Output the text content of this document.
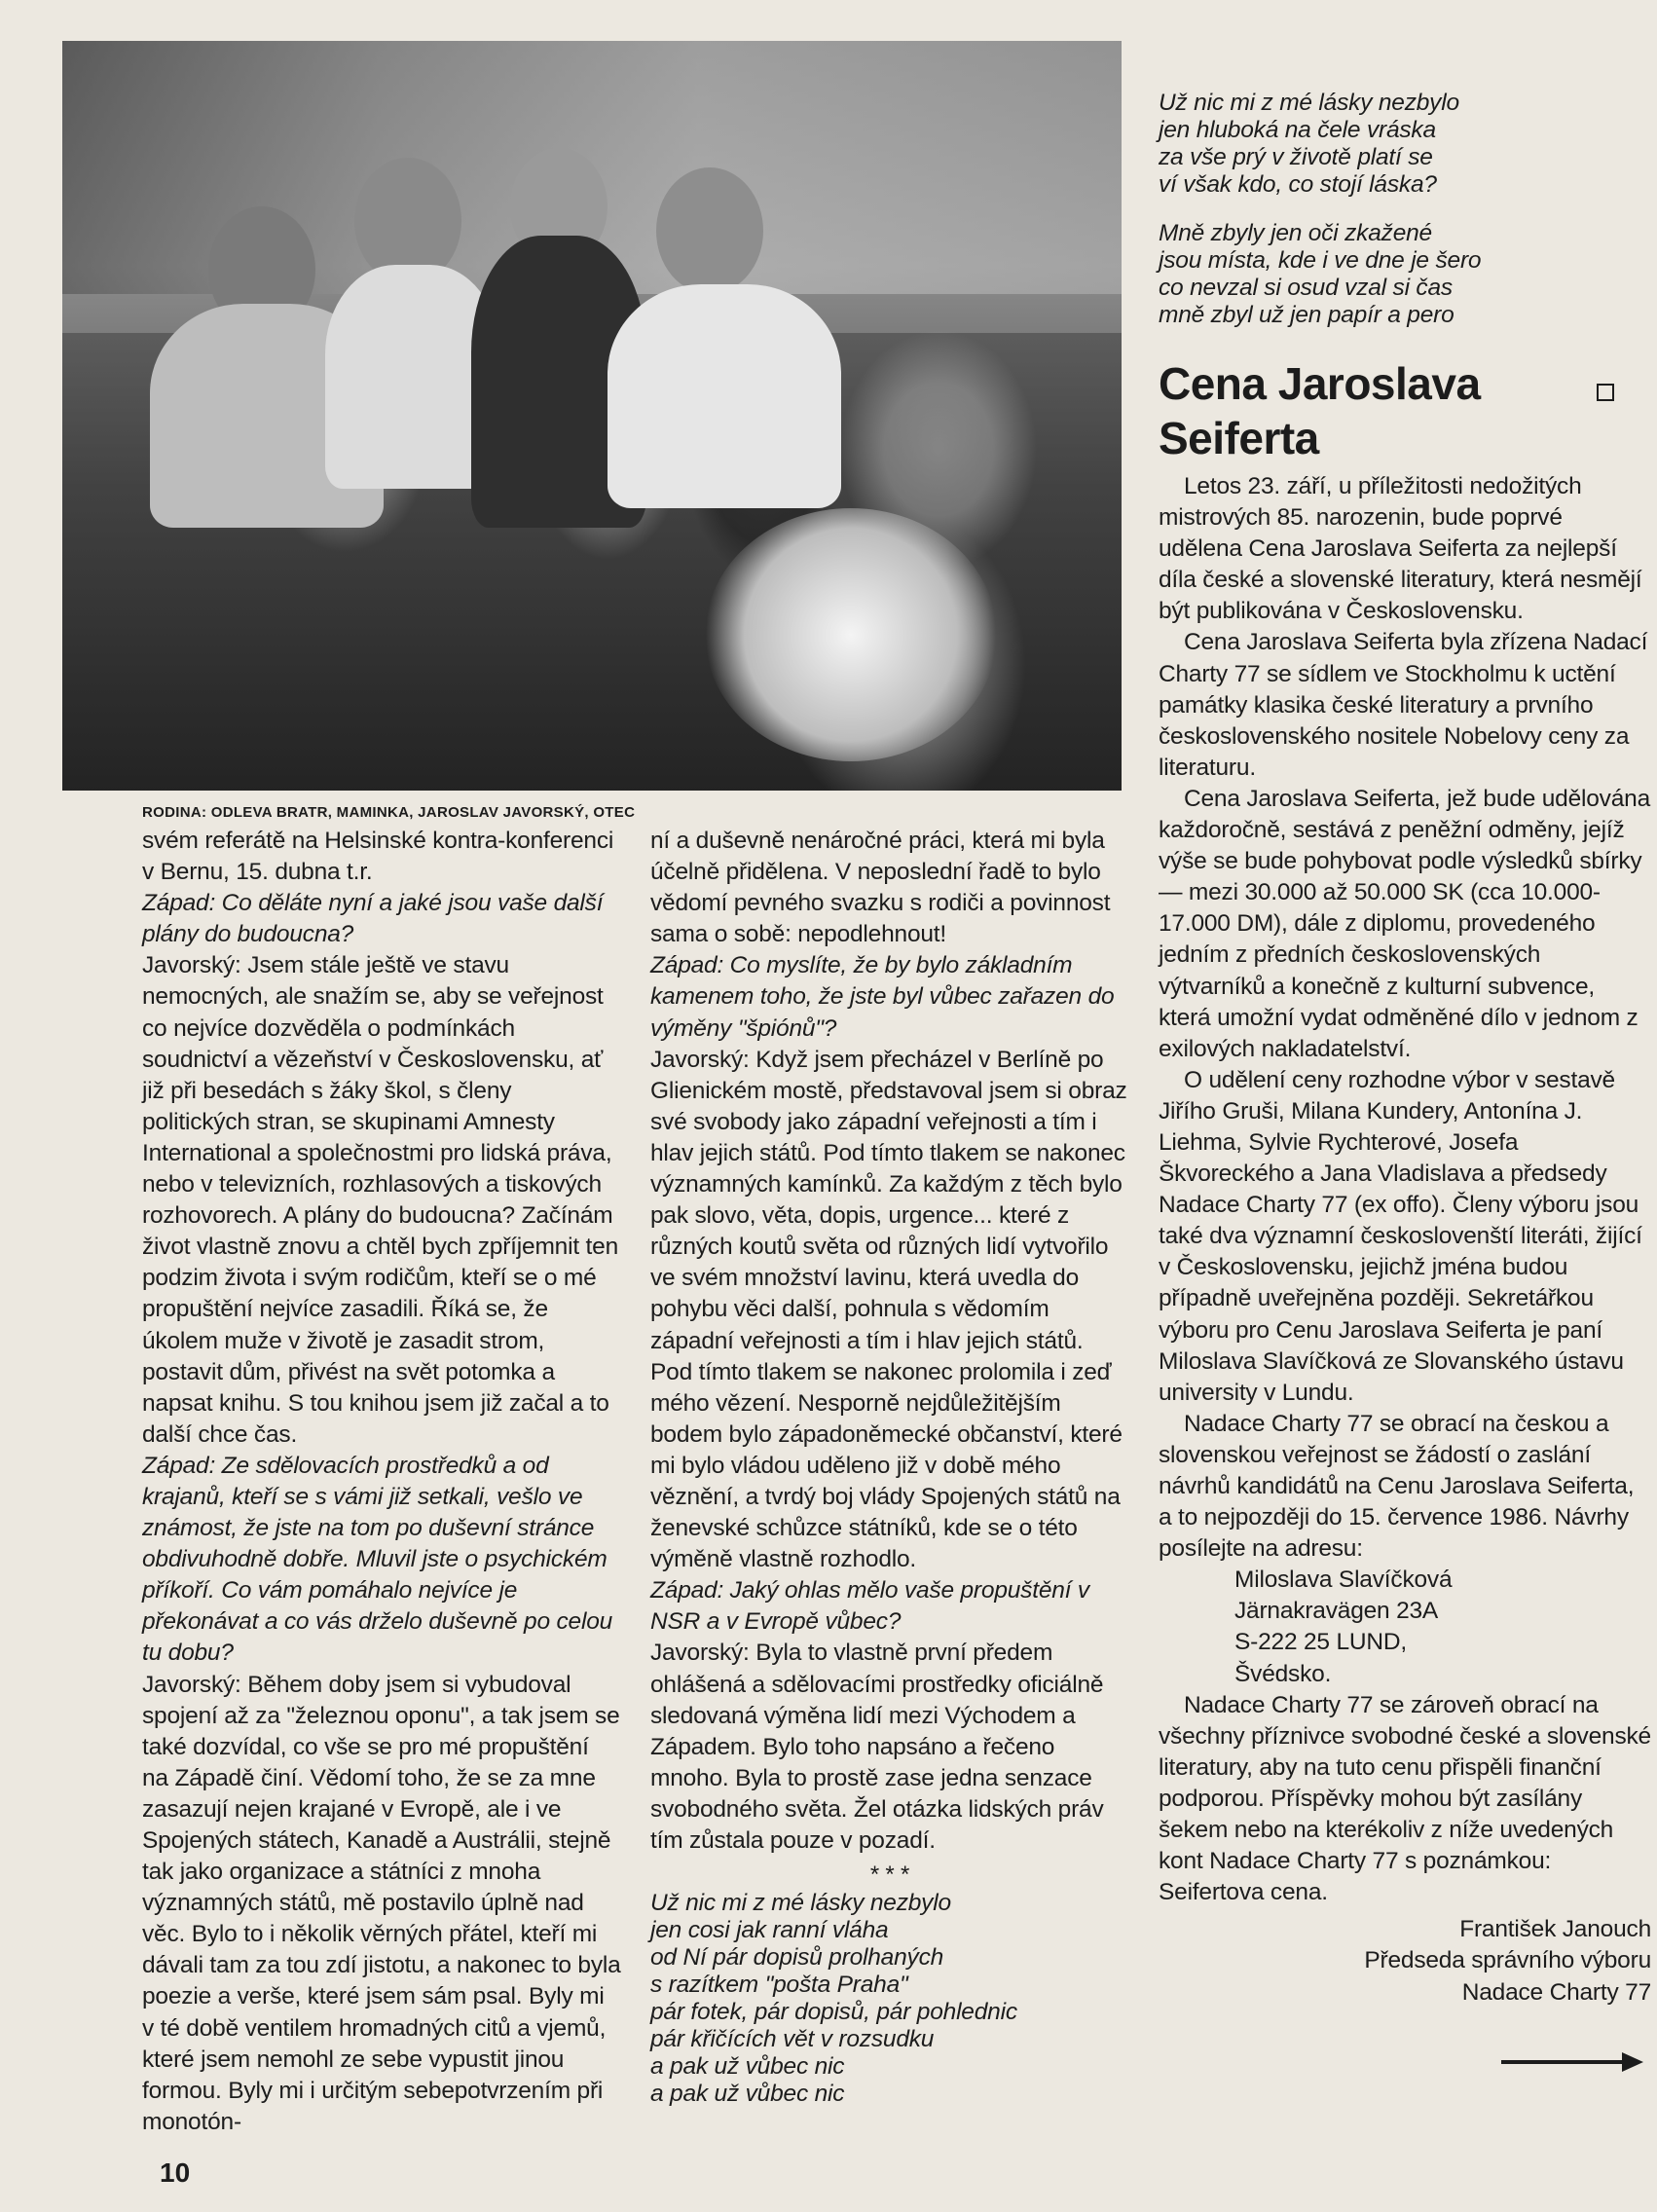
RODINA: ODLEVA BRATR, MAMINKA, JAROSLAV JAVORSKÝ, OTEC

svém referátě na Helsinské kontra-konferenci v Bernu, 15. dubna t.r.

Západ: Co děláte nyní a jaké jsou vaše další plány do budoucna?

Javorský: Jsem stále ještě ve stavu nemocných, ale snažím se, aby se veřejnost co nejvíce dozvěděla o podmínkách soudnictví a vězeňství v Československu, ať již při besedách s žáky škol, s členy politických stran, se skupinami Amnesty International a společnostmi pro lidská práva, nebo v televizních, rozhlasových a tiskových rozhovorech. A plány do budoucna? Začínám život vlastně znovu a chtěl bych zpříjemnit ten podzim života i svým rodičům, kteří se o mé propuštění nejvíce zasadili. Říká se, že úkolem muže v životě je zasadit strom, postavit dům, přivést na svět potomka a napsat knihu. S tou knihou jsem již začal a to další chce čas.

Západ: Ze sdělovacích prostředků a od krajanů, kteří se s vámi již setkali, vešlo ve známost, že jste na tom po duševní stránce obdivuhodně dobře. Mluvil jste o psychickém příkoří. Co vám pomáhalo nejvíce je překonávat a co vás drželo duševně po celou tu dobu?

Javorský: Během doby jsem si vybudoval spojení až za "železnou oponu", a tak jsem se také dozvídal, co vše se pro mé propuštění na Západě činí. Vědomí toho, že se za mne zasazují nejen krajané v Evropě, ale i ve Spojených státech, Kanadě a Austrálii, stejně tak jako organizace a státníci z mnoha významných států, mě postavilo úplně nad věc. Bylo to i několik věrných přátel, kteří mi dávali tam za tou zdí jistotu, a nakonec to byla poezie a verše, které jsem sám psal. Byly mi v té době ventilem hromadných citů a vjemů, které jsem nemohl ze sebe vypustit jinou formou. Byly mi i určitým sebepotvrzením při monotón-

ní a duševně nenáročné práci, která mi byla účelně přidělena. V neposlední řadě to bylo vědomí pevného svazku s rodiči a povinnost sama o sobě: nepodlehnout!

Západ: Co myslíte, že by bylo základním kamenem toho, že jste byl vůbec zařazen do výměny "špiónů"?

Javorský: Když jsem přecházel v Berlíně po Glienickém mostě, představoval jsem si obraz své svobody jako západní veřejnosti a tím i hlav jejich států. Pod tímto tlakem se nakonec významných kamínků. Za každým z těch bylo pak slovo, věta, dopis, urgence... které z různých koutů světa od různých lidí vytvořilo ve svém množství lavinu, která uvedla do pohybu věci další, pohnula s vědomím západní veřejnosti a tím i hlav jejich států. Pod tímto tlakem se nakonec prolomila i zeď mého vězení. Nesporně nejdůležitějším bodem bylo západoněmecké občanství, které mi bylo vládou uděleno již v době mého věznění, a tvrdý boj vlády Spojených států na ženevské schůzce státníků, kde se o této výměně vlastně rozhodlo.

Západ: Jaký ohlas mělo vaše propuštění v NSR a v Evropě vůbec?

Javorský: Byla to vlastně první předem ohlášená a sdělovacími prostředky oficiálně sledovaná výměna lidí mezi Východem a Západem. Bylo toho napsáno a řečeno mnoho. Byla to prostě zase jedna senzace svobodného světa. Žel otázka lidských práv tím zůstala pouze v pozadí.

* * *
Už nic mi z mé lásky nezbylo
jen cosi jak ranní vláha
od Ní pár dopisů prolhaných
s razítkem "pošta Praha"
pár fotek, pár dopisů, pár pohlednic
pár křičících vět v rozsudku
a pak už vůbec nic
a pak už vůbec nic
Už nic mi z mé lásky nezbylo
jen hluboká na čele vráska
za vše prý v životě platí se
ví však kdo, co stojí láska?
Mně zbyly jen oči zkažené
jsou místa, kde i ve dne je šero
co nevzal si osud vzal si čas
mně zbyl už jen papír a pero
Cena Jaroslava Seiferta

Letos 23. září, u příležitosti nedožitých mistrových 85. narozenin, bude poprvé udělena Cena Jaroslava Seiferta za nejlepší díla české a slovenské literatury, která nesmějí být publikována v Československu.

Cena Jaroslava Seiferta byla zřízena Nadací Charty 77 se sídlem ve Stockholmu k uctění památky klasika české literatury a prvního československého nositele Nobelovy ceny za literaturu.

Cena Jaroslava Seiferta, jež bude udělována každoročně, sestává z peněžní odměny, jejíž výše se bude pohybovat podle výsledků sbírky — mezi 30.000 až 50.000 SK (cca 10.000-17.000 DM), dále z diplomu, provedeného jedním z předních československých výtvarníků a konečně z kulturní subvence, která umožní vydat odměněné dílo v jednom z exilových nakladatelství.

O udělení ceny rozhodne výbor v sestavě Jiřího Gruši, Milana Kundery, Antonína J. Liehma, Sylvie Rychterové, Josefa Škvoreckého a Jana Vladislava a předsedy Nadace Charty 77 (ex offo). Členy výboru jsou také dva významní českoslovenští literáti, žijící v Československu, jejichž jména budou případně uveřejněna později. Sekretářkou výboru pro Cenu Jaroslava Seiferta je paní Miloslava Slavíčková ze Slovanského ústavu university v Lundu.

Nadace Charty 77 se obrací na českou a slovenskou veřejnost se žádostí o zaslání návrhů kandidátů na Cenu Jaroslava Seiferta, a to nejpozději do 15. července 1986. Návrhy posílejte na adresu:

Miloslava Slavíčková
Järnakravägen 23A
S-222 25 LUND,
Švédsko.

Nadace Charty 77 se zároveň obrací na všechny příznivce svobodné české a slovenské literatury, aby na tuto cenu přispěli finanční podporou. Příspěvky mohou být zasílány šekem nebo na kterékoliv z níže uvedených kont Nadace Charty 77 s poznámkou: Seifertova cena.

František Janouch
Předseda správního výboru
Nadace Charty 77
10
